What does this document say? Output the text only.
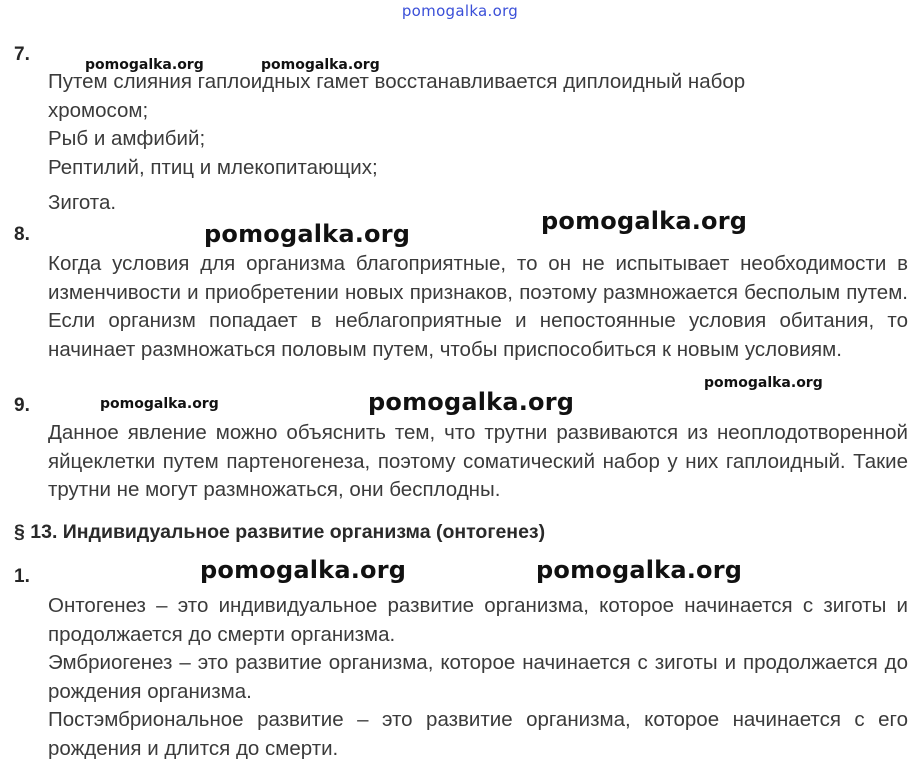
pomogalka.org
7.	pomogalka.org	pomogalka.org
Путем слияния гаплоидных гамет восстанавливается диплоидный набор
хромосом;
Рыб и амфибий;
Рептилий, птиц и млекопитающих;
Зигота.
8.	pomogalka.org
pomogalka.org
Когда условия для организма благоприятные, то он не испытывает необходимости в изменчивости и приобретении новых признаков, поэтому размножается бесполым путем. Если организм попадает в неблагоприятные и непостоянные условия обитания, то начинает размножаться половым путем, чтобы приспособиться к новым условиям.
pomogalka.org
9.	pomogalka.org	pomogalka.org
Данное явление можно объяснить тем, что трутни развиваются из неоплодотворенной яйцеклетки путем партеногенеза, поэтому соматический набор у них гаплоидный. Такие трутни не могут размножаться, они бесплодны.
§ 13. Индивидуальное развитие организма (онтогенез)
1.	pomogalka.org	pomogalka.org

Онтогенез – это индивидуальное развитие организма, которое начинается с зиготы и продолжается до смерти организма.

Эмбриогенез – это развитие организма, которое начинается с зиготы и продолжается до рождения организма.

Постэмбриональное развитие – это развитие организма, которое начинается с его рождения и длится до смерти.
